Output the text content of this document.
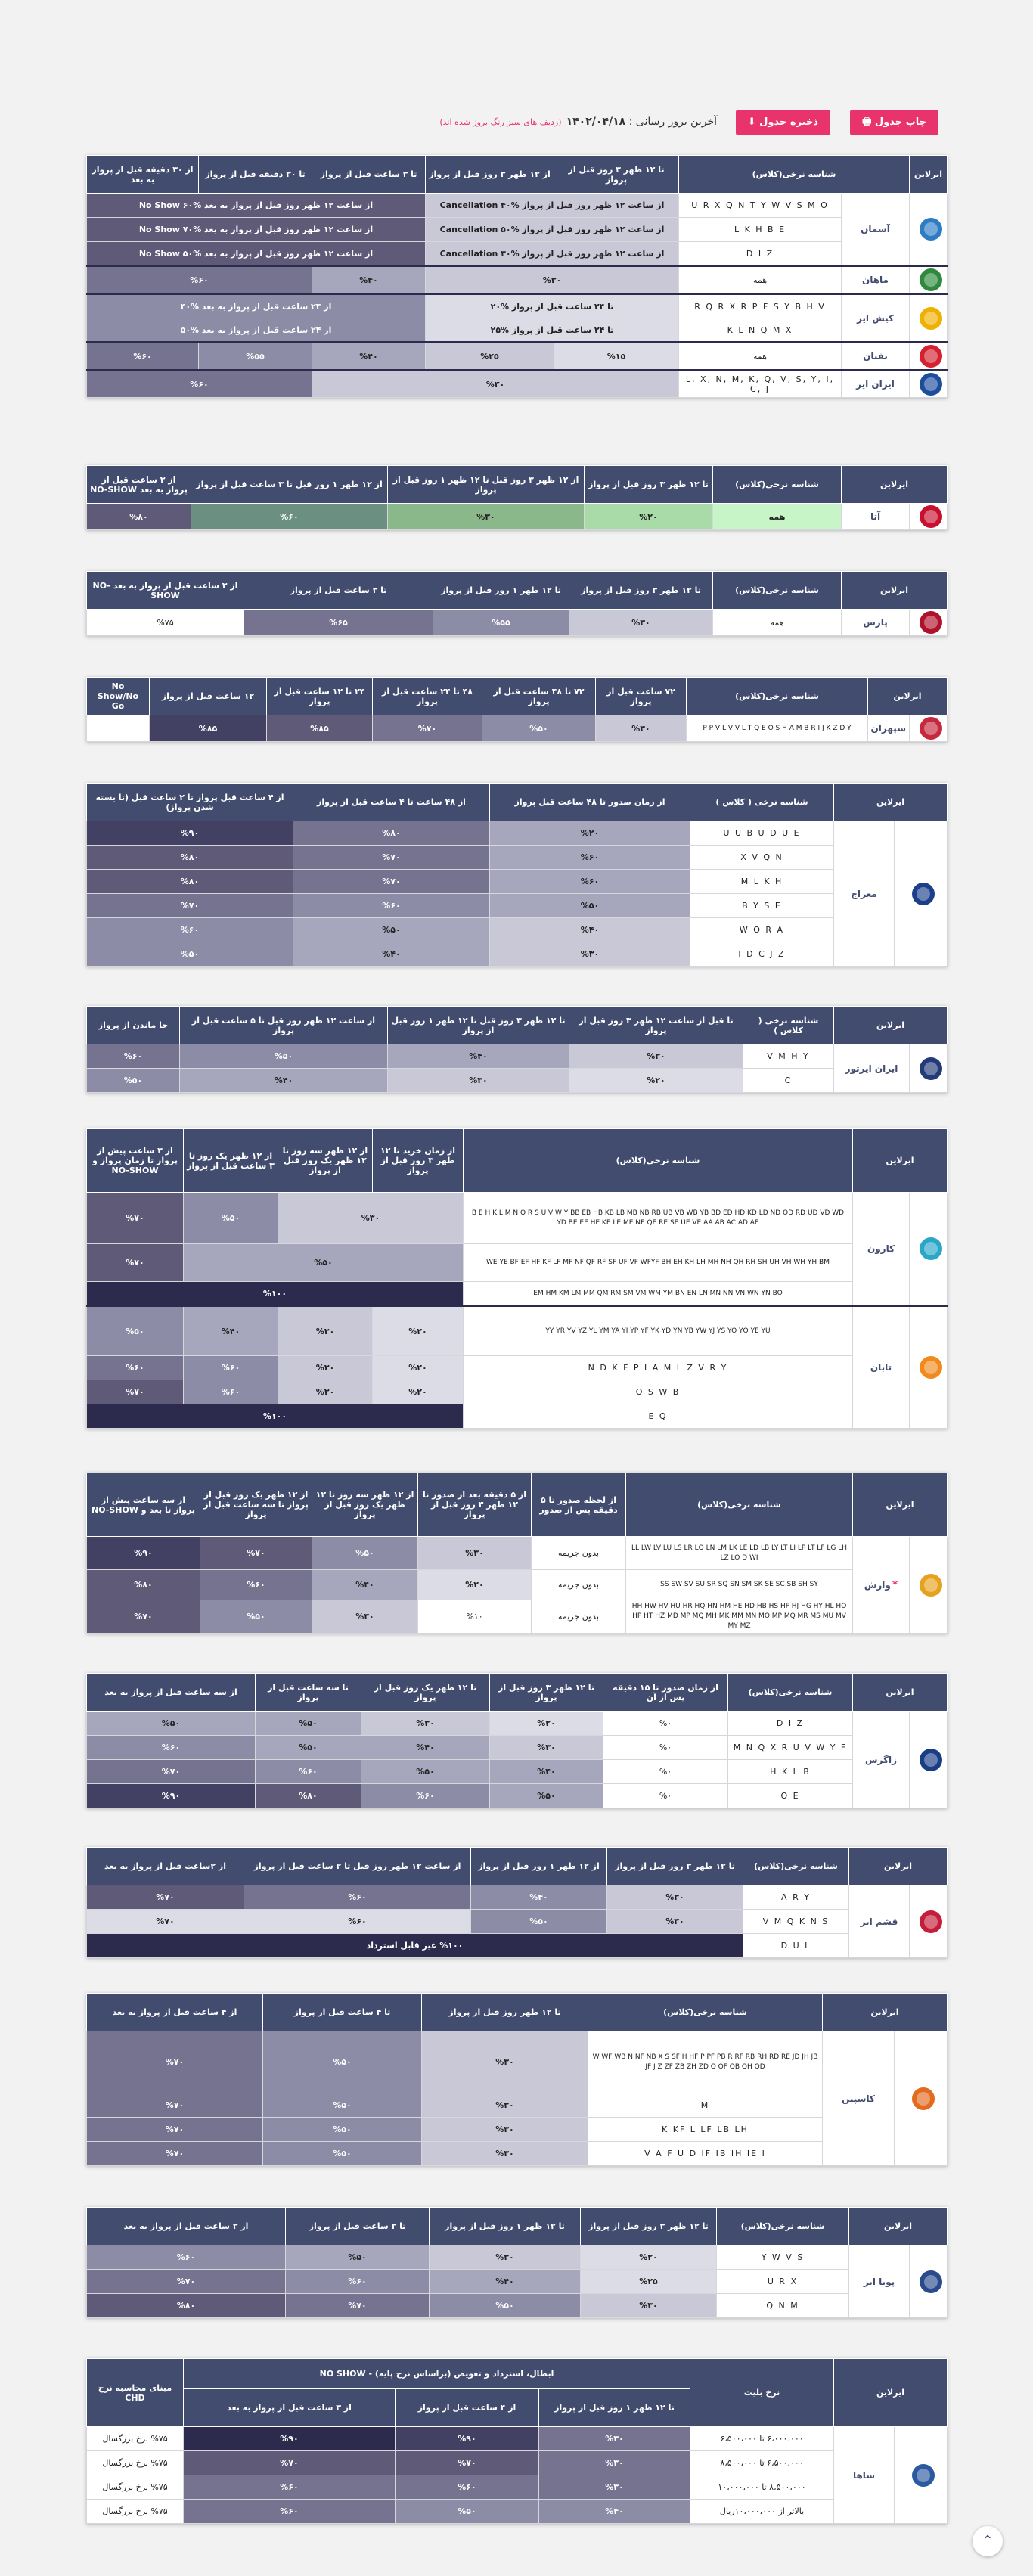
چاپ جدول 🖶
ذخیره جدول ⬇
آخرین بروز رسانی : ۱۴۰۲/۰۴/۱۸(ردیف های سبز رنگ بروز شده اند)
ایرلاین	شناسه نرخی(کلاس)		تا ۱۲ ظهر ۳ روز قبل از پرواز	از ۱۲ ظهر ۳ روز قبل از پرواز	تا ۳ ساعت قبل از پرواز	تا ۳۰ دقیقه قبل از پرواز	از ۳۰ دقیقه قبل از پرواز به بعد
	آسمان	U R X Q N T Y W V S M O	از ساعت ۱۲ ظهر روز قبل از پرواز %۴۰ Cancellation		از ساعت ۱۲ ظهر روز قبل از پرواز به بعد %۶۰ No Show		
		L K H B E	از ساعت ۱۲ ظهر روز قبل از پرواز %۵۰ Cancellation		از ساعت ۱۲ ظهر روز قبل از پرواز به بعد %۷۰ No Show		
		D I Z	از ساعت ۱۲ ظهر روز قبل از پرواز %۳۰ Cancellation		از ساعت ۱۲ ظهر روز قبل از پرواز به بعد %۵۰ No Show		
	ماهان	همه	%۳۰		%۴۰	%۶۰	
	کیش ایر	R Q R X R P F S Y B H V	تا ۲۴ ساعت قبل از پرواز %۲۰		از ۲۴ ساعت قبل از پرواز به بعد %۴۰		
		K L N Q M X	تا ۲۴ ساعت قبل از پرواز %۲۵		از ۲۴ ساعت قبل از پرواز به بعد %۵۰		
	نفتان	همه	%۱۵	%۲۵	%۴۰	%۵۵	%۶۰
	ایران ایر	L, X, N, M, K, Q, V, S, Y, I, C, J	%۳۰			%۶۰	
ایرلاین		شناسه نرخی(کلاس)	تا ۱۲ ظهر ۳ روز قبل از پرواز	از ۱۲ ظهر ۳ روز قبل تا ۱۲ ظهر ۱ روز قبل از پرواز	از ۱۲ ظهر ۱ روز قبل تا ۳ ساعت قبل از پرواز	از ۳ ساعت قبل از پرواز به بعد NO-SHOW
	آتا	همه	%۲۰	%۳۰	%۶۰	%۸۰
ایرلاین		شناسه نرخی(کلاس)	تا ۱۲ ظهر ۳ روز قبل از پرواز	تا ۱۲ ظهر ۱ روز قبل از پرواز	تا ۳ ساعت قبل از پرواز	از ۳ ساعت قبل از پرواز به بعد NO-SHOW
	پارس	همه	%۳۰	%۵۵	%۶۵	%۷۵
ایرلاین		شناسه نرخی(کلاس)	۷۲ ساعت قبل از پرواز	۷۲ تا ۴۸ ساعت قبل از پرواز	۴۸ تا ۲۴ ساعت قبل از پرواز	۲۴ تا ۱۲ ساعت قبل از پرواز	۱۲ ساعت قبل از پرواز	No Show/No Go
	سپهران	P P V L V V L T Q E O S H A M B R I J K Z D Y	%۳۰	%۵۰	%۷۰	%۸۵	%۸۵	
ایرلاین		شناسه نرخی ( کلاس )	از زمان صدور تا ۴۸ ساعت قبل پرواز	از ۴۸ ساعت تا ۴ ساعت قبل از پرواز	از ۴ ساعت قبل پرواز تا ۲ ساعت قبل (تا بسته شدن پرواز)
	معراج	U U B U D U E	%۲۰	%۸۰	%۹۰
		X V Q N	%۶۰	%۷۰	%۸۰
		M L K H	%۶۰	%۷۰	%۸۰
		B Y S E	%۵۰	%۶۰	%۷۰
		W O R A	%۴۰	%۵۰	%۶۰
		I D C J Z	%۳۰	%۴۰	%۵۰
ایرلاین		شناسه نرخی ( کلاس )	تا قبل از ساعت ۱۲ ظهر ۳ روز قبل از پرواز	تا ۱۲ ظهر ۳ روز قبل تا ۱۲ ظهر ۱ روز قبل از پرواز	از ساعت ۱۲ ظهر روز قبل تا ۵ ساعت قبل از پرواز	جا ماندن از پرواز
	ایران ایرتور	V M H Y	%۳۰	%۴۰	%۵۰	%۶۰
		C	%۲۰	%۳۰	%۴۰	%۵۰
ایرلاین		شناسه نرخی(کلاس)	از زمان خرید تا ۱۲ ظهر ۳ روز قبل از پرواز	از ۱۲ ظهر سه روز تا ۱۲ ظهر یک روز قبل از پرواز	از ۱۲ ظهر یک روز تا ۳ ساعت قبل از پرواز	از ۳ ساعت پیش از پرواز تا زمان پرواز و NO-SHOW
	کارون	B E H K L M N Q R S U V W Y BB EB HB KB LB MB NB RB UB VB WB YB BD ED HD KD LD ND QD RD UD VD WD YD BE EE HE KE LE ME NE QE RE SE UE VE AA AB AC AD AE	%۳۰		%۵۰	%۷۰
		WE YE BF EF HF KF LF MF NF QF RF SF UF VF WFYF BH EH KH LH MH NH QH RH SH UH VH WH YH BM	%۵۰			%۷۰
		EM HM KM LM MM QM RM SM VM WM YM BN EN LN MN NN VN WN YN BO	%۱۰۰			
	تابان	YY YR YV YZ YL YM YA YI YP YF YK YD YN YB YW YJ YS YO YQ YE YU	%۲۰	%۳۰	%۴۰	%۵۰
		N D K F P I A M L Z V R Y	%۲۰	%۳۰	%۶۰	%۶۰
		O S W B	%۲۰	%۳۰	%۶۰	%۷۰
		E Q	%۱۰۰			
ایرلاین		شناسه نرخی(کلاس)	از لحظه صدور تا ۵ دقیقه پس از صدور	از ۵ دقیقه بعد از صدور تا ۱۲ ظهر ۳ روز قبل از پرواز	از ۱۲ ظهر سه روز تا ۱۲ ظهر یک روز قبل از پرواز	از ۱۲ ظهر یک روز قبل از پرواز تا سه ساعت قبل از پرواز	از سه ساعت پیش از پرواز تا بعد و NO-SHOW
	*وارش	LL LW LV LU LS LR LQ LN LM LK LE LD LB LY LT LI LP LT LF LG LH LZ LO D WI	بدون جریمه	%۳۰	%۵۰	%۷۰	%۹۰
		SS SW SV SU SR SQ SN SM SK SE SC SB SH SY	بدون جریمه	%۲۰	%۴۰	%۶۰	%۸۰
		HH HW HV HU HR HQ HN HM HE HD HB HS HF HJ HG HY HL HO HP HT HZ MD MP MQ MH MK MM MN MO MP MQ MR MS MU MV MY MZ	بدون جریمه	%۱۰	%۳۰	%۵۰	%۷۰
ایرلاین		شناسه نرخی(کلاس)	از زمان صدور تا ۱۵ دقیقه پس از آن	تا ۱۲ ظهر ۳ روز قبل از پرواز	تا ۱۲ ظهر یک روز قبل از پرواز	تا سه ساعت قبل از پرواز	از سه ساعت قبل از پرواز به بعد
	زاگرس	D I Z	%۰	%۲۰	%۳۰	%۵۰	%۵۰
		M N Q X R U V W Y F	%۰	%۳۰	%۴۰	%۵۰	%۶۰
		H K L B	%۰	%۴۰	%۵۰	%۶۰	%۷۰
		O E	%۰	%۵۰	%۶۰	%۸۰	%۹۰
ایرلاین		شناسه نرخی(کلاس)	تا ۱۲ ظهر ۳ روز قبل از پرواز	از ۱۲ ظهر ۱ روز قبل از پرواز	از ساعت ۱۲ ظهر روز قبل تا ۲ ساعت قبل از پرواز	از ۲ساعت قبل از پرواز به بعد
	قشم ایر	A R Y	%۳۰	%۴۰	%۶۰	%۷۰
		V M Q K N S	%۳۰	%۵۰	%۶۰	%۷۰
		D U L	%۱۰۰ غیر قابل استرداد			
ایرلاین		شناسه نرخی(کلاس)	تا ۱۲ ظهر روز قبل از پرواز	تا ۴ ساعت قبل از پرواز	از ۴ ساعت قبل از پرواز به بعد
	کاسپین	W WF WB N NF NB X S SF H HF P PF PB R RF RB RH RD RE JD JH JB JF J Z ZF ZB ZH ZD Q QF QB QH QD	%۳۰	%۵۰	%۷۰
		M	%۳۰	%۵۰	%۷۰
		K KF L LF LB LH	%۳۰	%۵۰	%۷۰
		V A F U D IF IB IH IE I	%۳۰	%۵۰	%۷۰
ایرلاین		شناسه نرخی(کلاس)	تا ۱۲ ظهر ۳ روز قبل از پرواز	تا ۱۲ ظهر ۱ روز قبل از پرواز	تا ۳ ساعت قبل از پرواز	از ۳ ساعت قبل از پرواز به بعد
	پویا ایر	Y W V S	%۲۰	%۳۰	%۵۰	%۶۰
		U R X	%۲۵	%۴۰	%۶۰	%۷۰
		Q N M	%۳۰	%۵۰	%۷۰	%۸۰
ایرلاین		نرخ بلیت	ابطال، استرداد و تعویض (براساس نرخ پایه) - NO SHOW			مبنای محاسبه نرخ CHD
			تا ۱۲ ظهر ۱ روز قبل از پرواز	از ۴ ساعت قبل از پرواز	از ۳ ساعت قبل از پرواز به بعد	
	ساها	۶،۰۰۰،۰۰۰ تا ۶،۵۰۰،۰۰۰	%۳۰	%۹۰	%۹۰	%۷۵ نرخ بزرگسال
		۶،۵۰۰،۰۰۰ تا ۸،۵۰۰،۰۰۰	%۳۰	%۷۰	%۷۰	%۷۵ نرخ بزرگسال
		۸،۵۰۰،۰۰۰ تا ۱۰،۰۰۰،۰۰۰	%۳۰	%۶۰	%۶۰	%۷۵ نرخ بزرگسال
		بالاتر از ۱۰،۰۰۰،۰۰۰ریال	%۴۰	%۵۰	%۶۰	%۷۵ نرخ بزرگسال
⌃
